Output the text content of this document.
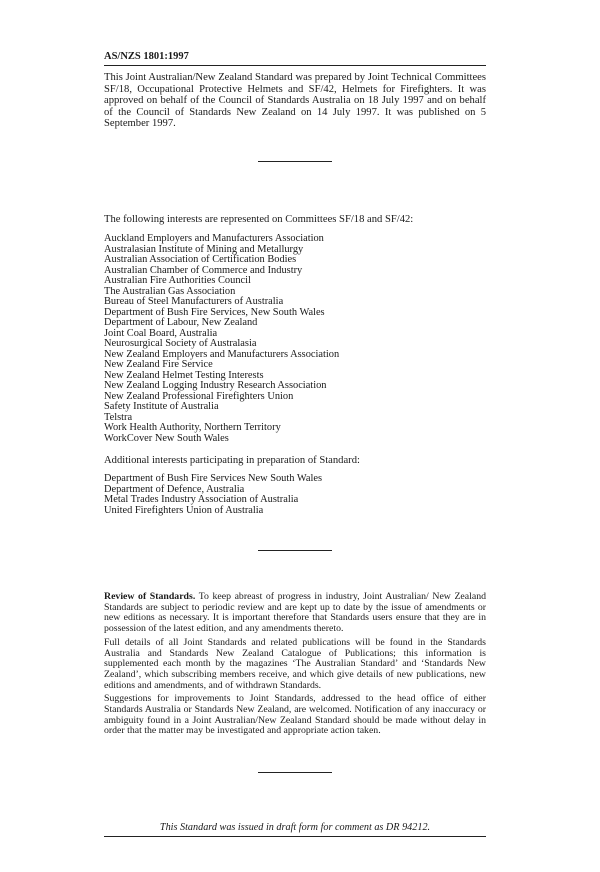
AS/NZS 1801:1997

This Joint Australian/New Zealand Standard was prepared by Joint Technical Committees SF/18, Occupational Protective Helmets and SF/42, Helmets for Firefighters. It was approved on behalf of the Council of Standards Australia on 18 July 1997 and on behalf of the Council of Standards New Zealand on 14 July 1997. It was published on 5 September 1997.

The following interests are represented on Committees SF/18 and SF/42:

Auckland Employers and Manufacturers Association
Australasian Institute of Mining and Metallurgy
Australian Association of Certification Bodies
Australian Chamber of Commerce and Industry
Australian Fire Authorities Council
The Australian Gas Association
Bureau of Steel Manufacturers of Australia
Department of Bush Fire Services, New South Wales
Department of Labour, New Zealand
Joint Coal Board, Australia
Neurosurgical Society of Australasia
New Zealand Employers and Manufacturers Association
New Zealand Fire Service
New Zealand Helmet Testing Interests
New Zealand Logging Industry Research Association
New Zealand Professional Firefighters Union
Safety Institute of Australia
Telstra
Work Health Authority, Northern Territory
WorkCover New South Wales

Additional interests participating in preparation of Standard:

Department of Bush Fire Services New South Wales
Department of Defence, Australia
Metal Trades Industry Association of Australia
United Firefighters Union of Australia

Review of Standards. To keep abreast of progress in industry, Joint Australian/ New Zealand Standards are subject to periodic review and are kept up to date by the issue of amendments or new editions as necessary. It is important therefore that Standards users ensure that they are in possession of the latest edition, and any amendments thereto.

Full details of all Joint Standards and related publications will be found in the Standards Australia and Standards New Zealand Catalogue of Publications; this information is supplemented each month by the magazines ‘The Australian Standard’ and ‘Standards New Zealand’, which subscribing members receive, and which give details of new publications, new editions and amendments, and of withdrawn Standards.

Suggestions for improvements to Joint Standards, addressed to the head office of either Standards Australia or Standards New Zealand, are welcomed. Notification of any inaccuracy or ambiguity found in a Joint Australian/New Zealand Standard should be made without delay in order that the matter may be investigated and appropriate action taken.

This Standard was issued in draft form for comment as DR 94212.
